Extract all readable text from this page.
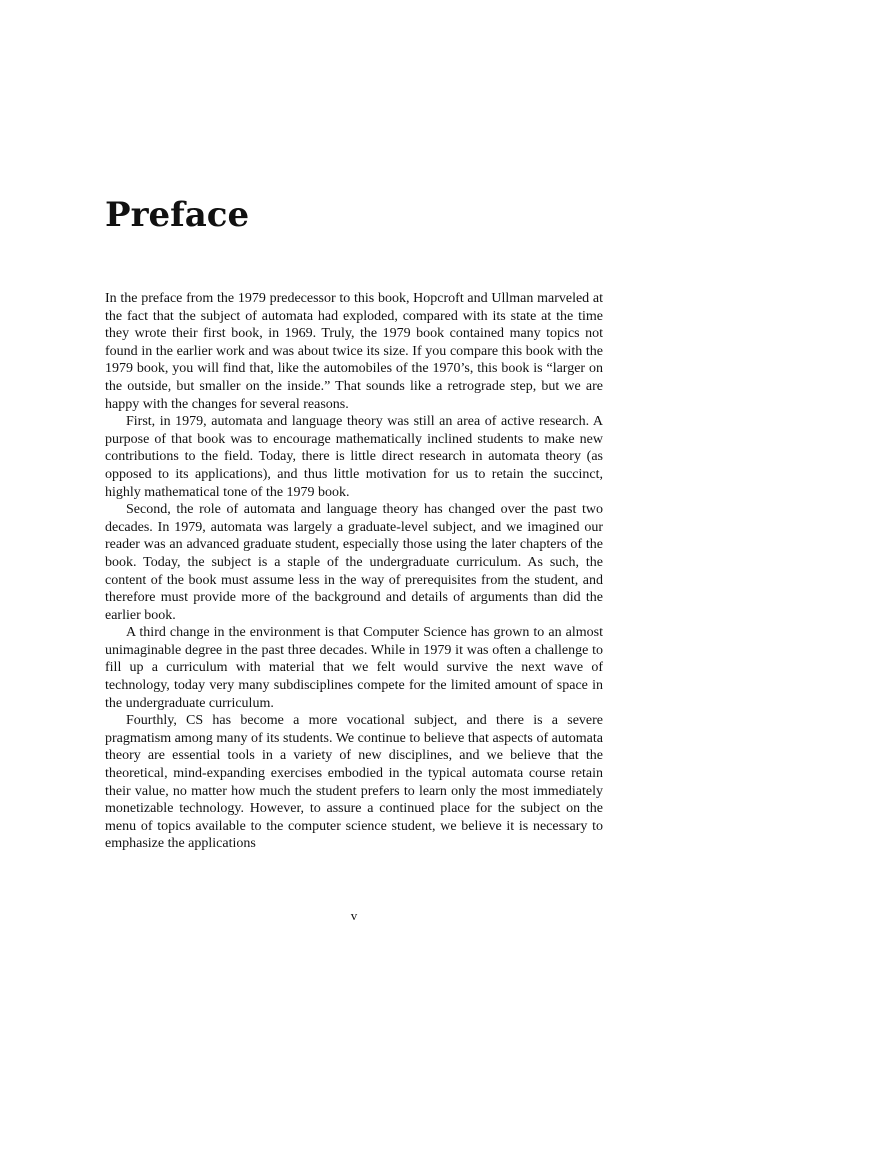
Preface

In the preface from the 1979 predecessor to this book, Hopcroft and Ullman marveled at the fact that the subject of automata had exploded, compared with its state at the time they wrote their first book, in 1969. Truly, the 1979 book contained many topics not found in the earlier work and was about twice its size. If you compare this book with the 1979 book, you will find that, like the automobiles of the 1970’s, this book is “larger on the outside, but smaller on the inside.” That sounds like a retrograde step, but we are happy with the changes for several reasons.

First, in 1979, automata and language theory was still an area of active research. A purpose of that book was to encourage mathematically inclined students to make new contributions to the field. Today, there is little direct research in automata theory (as opposed to its applications), and thus little motivation for us to retain the succinct, highly mathematical tone of the 1979 book.

Second, the role of automata and language theory has changed over the past two decades. In 1979, automata was largely a graduate-level subject, and we imagined our reader was an advanced graduate student, especially those using the later chapters of the book. Today, the subject is a staple of the undergraduate curriculum. As such, the content of the book must assume less in the way of prerequisites from the student, and therefore must provide more of the background and details of arguments than did the earlier book.

A third change in the environment is that Computer Science has grown to an almost unimaginable degree in the past three decades. While in 1979 it was often a challenge to fill up a curriculum with material that we felt would survive the next wave of technology, today very many subdisciplines compete for the limited amount of space in the undergraduate curriculum.

Fourthly, CS has become a more vocational subject, and there is a severe pragmatism among many of its students. We continue to believe that aspects of automata theory are essential tools in a variety of new disciplines, and we believe that the theoretical, mind-expanding exercises embodied in the typical automata course retain their value, no matter how much the student prefers to learn only the most immediately monetizable technology. However, to assure a continued place for the subject on the menu of topics available to the computer science student, we believe it is necessary to emphasize the applications

v
